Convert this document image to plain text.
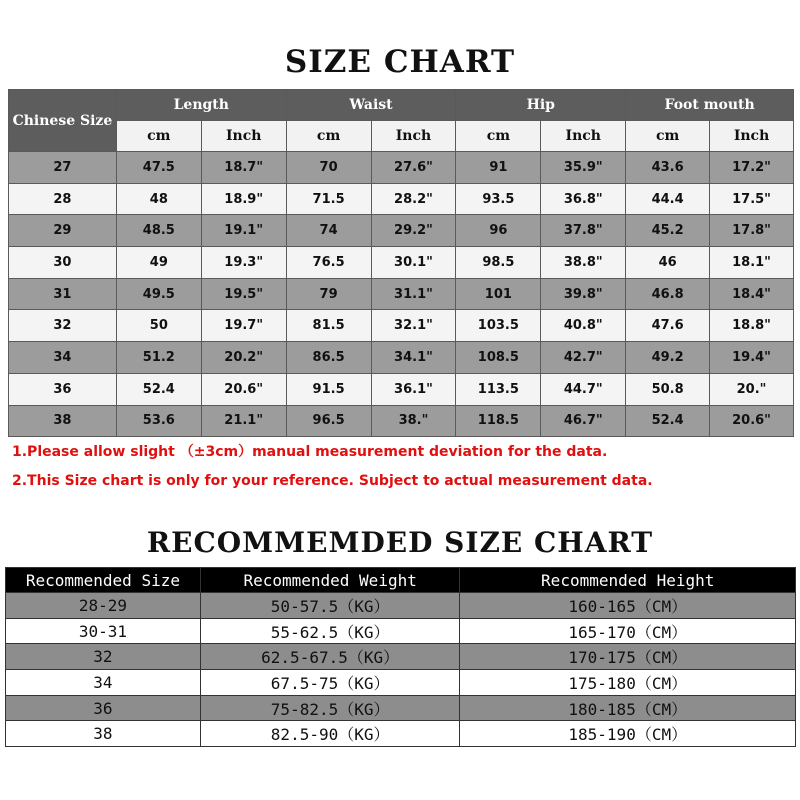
SIZE CHART
Chinese Size	Length		Waist		Hip		Foot mouth	
	cm	Inch	cm	Inch	cm	Inch	cm	Inch
27	47.5	18.7"	70	27.6"	91	35.9"	43.6	17.2"
28	48	18.9"	71.5	28.2"	93.5	36.8"	44.4	17.5"
29	48.5	19.1"	74	29.2"	96	37.8"	45.2	17.8"
30	49	19.3"	76.5	30.1"	98.5	38.8"	46	18.1"
31	49.5	19.5"	79	31.1"	101	39.8"	46.8	18.4"
32	50	19.7"	81.5	32.1"	103.5	40.8"	47.6	18.8"
34	51.2	20.2"	86.5	34.1"	108.5	42.7"	49.2	19.4"
36	52.4	20.6"	91.5	36.1"	113.5	44.7"	50.8	20."
38	53.6	21.1"	96.5	38."	118.5	46.7"	52.4	20.6"
1.Please allow slight （±3cm）manual measurement deviation for the data.
2.This Size chart is only for your reference. Subject to actual measurement data.
RECOMMEMDED SIZE CHART
Recommended Size	Recommended Weight	Recommended Height
28-29	50-57.5（KG）	160-165（CM）
30-31	55-62.5（KG）	165-170（CM）
32	62.5-67.5（KG）	170-175（CM）
34	67.5-75（KG）	175-180（CM）
36	75-82.5（KG）	180-185（CM）
38	82.5-90（KG）	185-190（CM）
